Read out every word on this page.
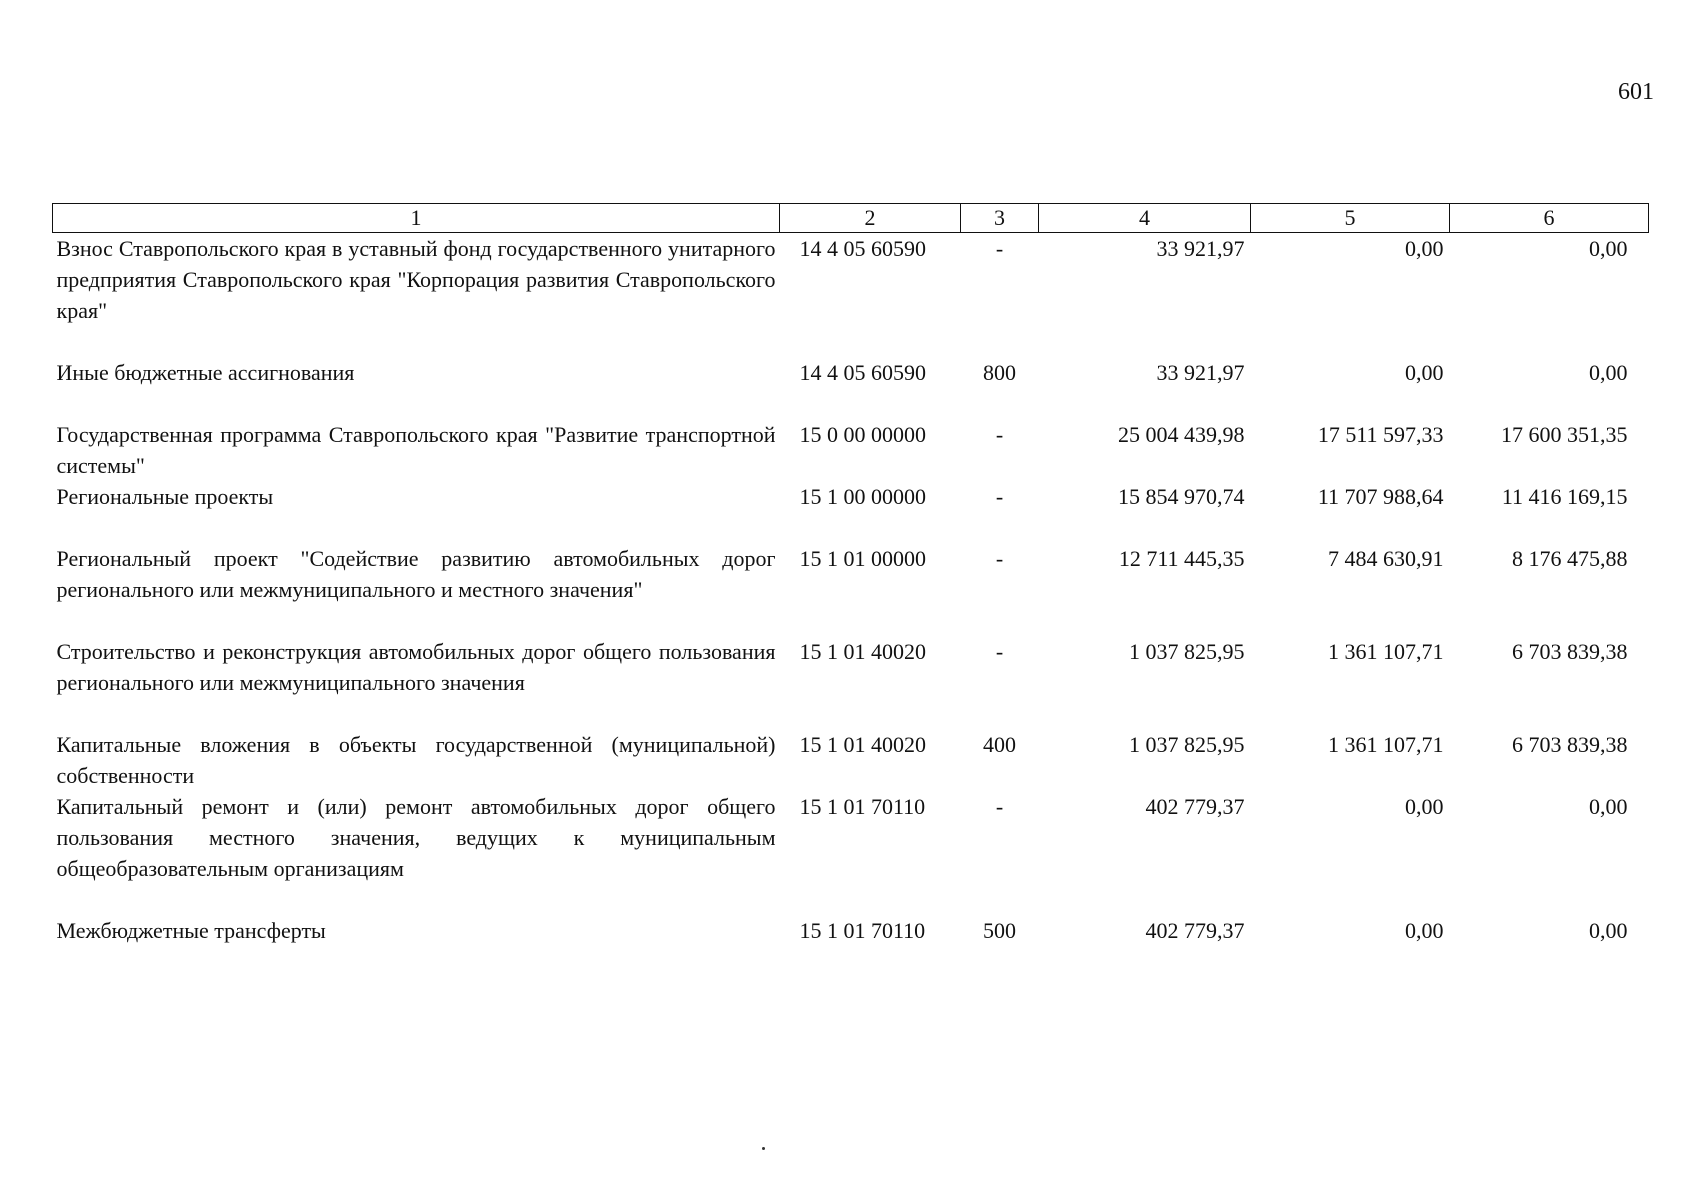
601
1	2	3	4	5	6
Взнос Ставропольского края в уставный фонд государственного унитарного предприятия Ставропольского края "Корпорация развития Ставропольского края"	14 4 05 60590	-	33 921,97	0,00	0,00

Иные бюджетные ассигнования	14 4 05 60590	800	33 921,97	0,00	0,00

Государственная программа Ставропольского края "Развитие транспортной системы"	15 0 00 00000	-	25 004 439,98	17 511 597,33	17 600 351,35
Региональные проекты	15 1 00 00000	-	15 854 970,74	11 707 988,64	11 416 169,15

Региональный проект "Содействие развитию автомобильных дорог регионального или межмуниципального и местного значения"	15 1 01 00000	-	12 711 445,35	7 484 630,91	8 176 475,88

Строительство и реконструкция автомобильных дорог общего пользования регионального или межмуниципального значения	15 1 01 40020	-	1 037 825,95	1 361 107,71	6 703 839,38

Капитальные вложения в объекты государственной (муниципальной) собственности	15 1 01 40020	400	1 037 825,95	1 361 107,71	6 703 839,38
Капитальный ремонт и (или) ремонт автомобильных дорог общего пользования местного значения, ведущих к муниципальным общеобразовательным организациям	15 1 01 70110	-	402 779,37	0,00	0,00

Межбюджетные трансферты	15 1 01 70110	500	402 779,37	0,00	0,00
